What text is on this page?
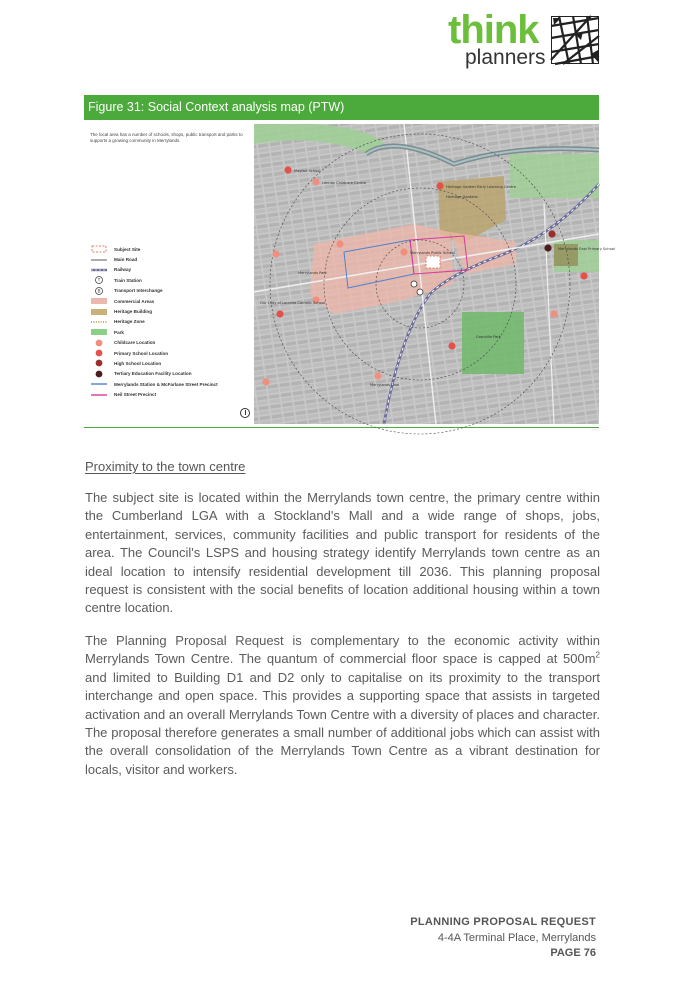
think
planners
Figure 31: Social Context analysis map (PTW)
The local area has a number of schools, shops, public transport and parks to supports a growing community in Merrylands.
Subject Site
Main Road
Railway
T	Train Station
B	Transport Interchange
Commercial Areas
Heritage Building
Heritage Zone
Park
Childcare Location
Primary School Location
High School Location
Tertiary Education Facility Location
Merrylands Station & McFarlane Street Precinct
Neil Street Precinct
Mayfair School
Lennox Childcare Centre
Heritage Garden Early Learning Centre
Heritage Gardens
Merrylands Public School
Merrylands East Primary School
Our Lady of Lourdes Catholic School
Merrylands Park
Granville Park
Merrylands Oval
Proximity to the town centre

The subject site is located within the Merrylands town centre, the primary centre within the Cumberland LGA with a Stockland's Mall and a wide range of shops, jobs, entertainment, services, community facilities and public transport for residents of the area. The Council's LSPS and housing strategy identify Merrylands town centre as an ideal location to intensify residential development till 2036. This planning proposal request is consistent with the social benefits of location additional housing within a town centre location.

The Planning Proposal Request is complementary to the economic activity within Merrylands Town Centre. The quantum of commercial floor space is capped at $500m^2$ and limited to Building D1 and D2 only to capitalise on its proximity to the transport interchange and open space. This provides a supporting space that assists in targeted activation and an overall Merrylands Town Centre with a diversity of places and character. The proposal therefore generates a small number of additional jobs which can assist with the overall consolidation of the Merrylands Town Centre as a vibrant destination for locals, visitor and workers.

PLANNING PROPOSAL REQUEST

4-4A Terminal Place, Merrylands

PAGE 76
